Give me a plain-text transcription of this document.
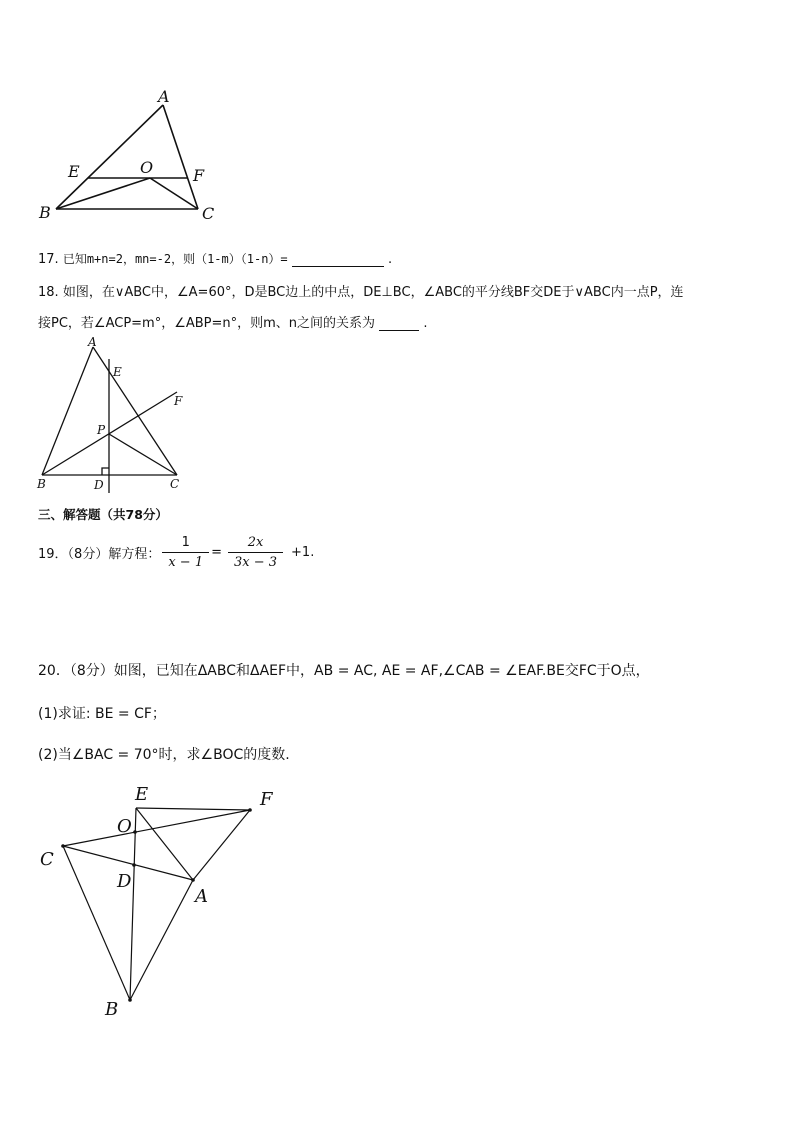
A
E	O F
B	C
17. 已知m+n=2，mn=-2，则（1-m）（1-n）=	.
18. 如图，在∨ABC中，∠A=60°，D是BC边上的中点，DE⊥BC，∠ABC的平分线BF交DE于∨ABC内一点P，连
接PC，若∠ACP=m°，∠ABP=n°，则m、n之间的关系为	.
A
E
F
P
B	D	C
三、解答题（共78分）
19．（8分）解方程： $\frac{1}{x - 1} = \frac{2x}{3x - 3} +1$.
20．（8分）如图，已知在ΔABC和ΔAEF中，AB = AC, AE = AF,∠CAB = ∠EAF.BE交FC于O点，
(1)求证: BE = CF；
(2)当∠BAC = 70°时，求∠BOC的度数.
E	F
O
C
D
A
B
